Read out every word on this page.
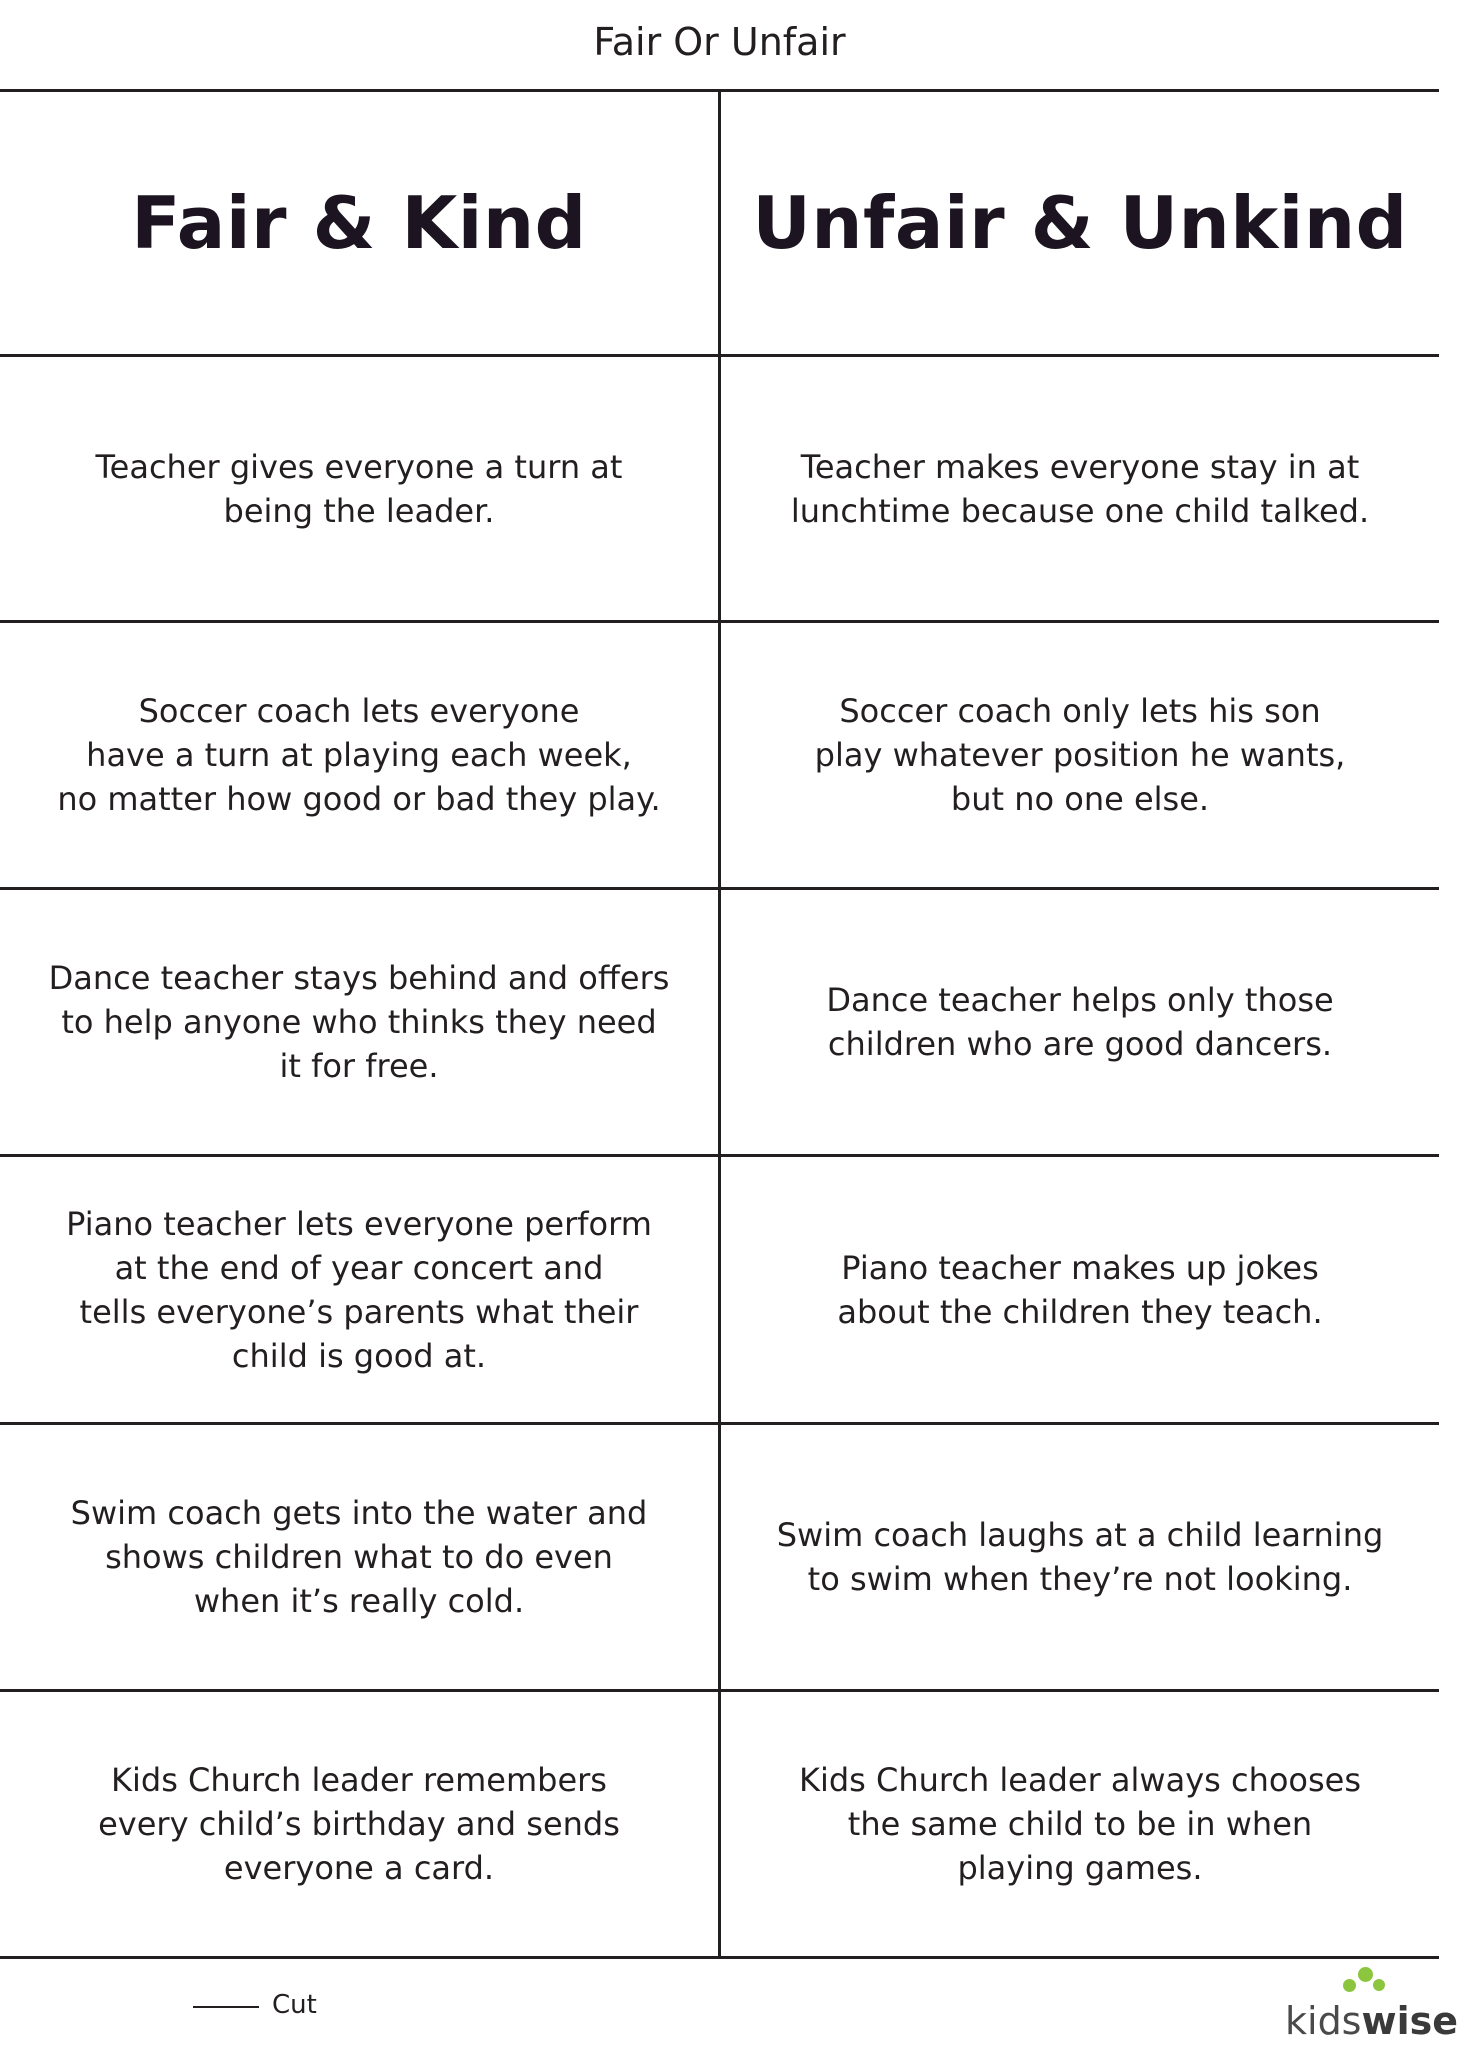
Fair Or Unfair
Fair & Kind Unfair & Unkind
Teacher gives everyone a turn at
being the leader.
Teacher makes everyone stay in at
lunchtime because one child talked.
Soccer coach lets everyone
have a turn at playing each week,
no matter how good or bad they play.
Soccer coach only lets his son
play whatever position he wants,
but no one else.
Dance teacher stays behind and offers
to help anyone who thinks they need
it for free.
Dance teacher helps only those
children who are good dancers.
Piano teacher lets everyone perform
at the end of year concert and
tells everyone’s parents what their
child is good at.
Piano teacher makes up jokes
about the children they teach.
Swim coach gets into the water and
shows children what to do even
when it’s really cold.
Swim coach laughs at a child learning
to swim when they’re not looking.
Kids Church leader remembers
every child’s birthday and sends
everyone a card.
Kids Church leader always chooses
the same child to be in when
playing games.
Cut	kidswise
